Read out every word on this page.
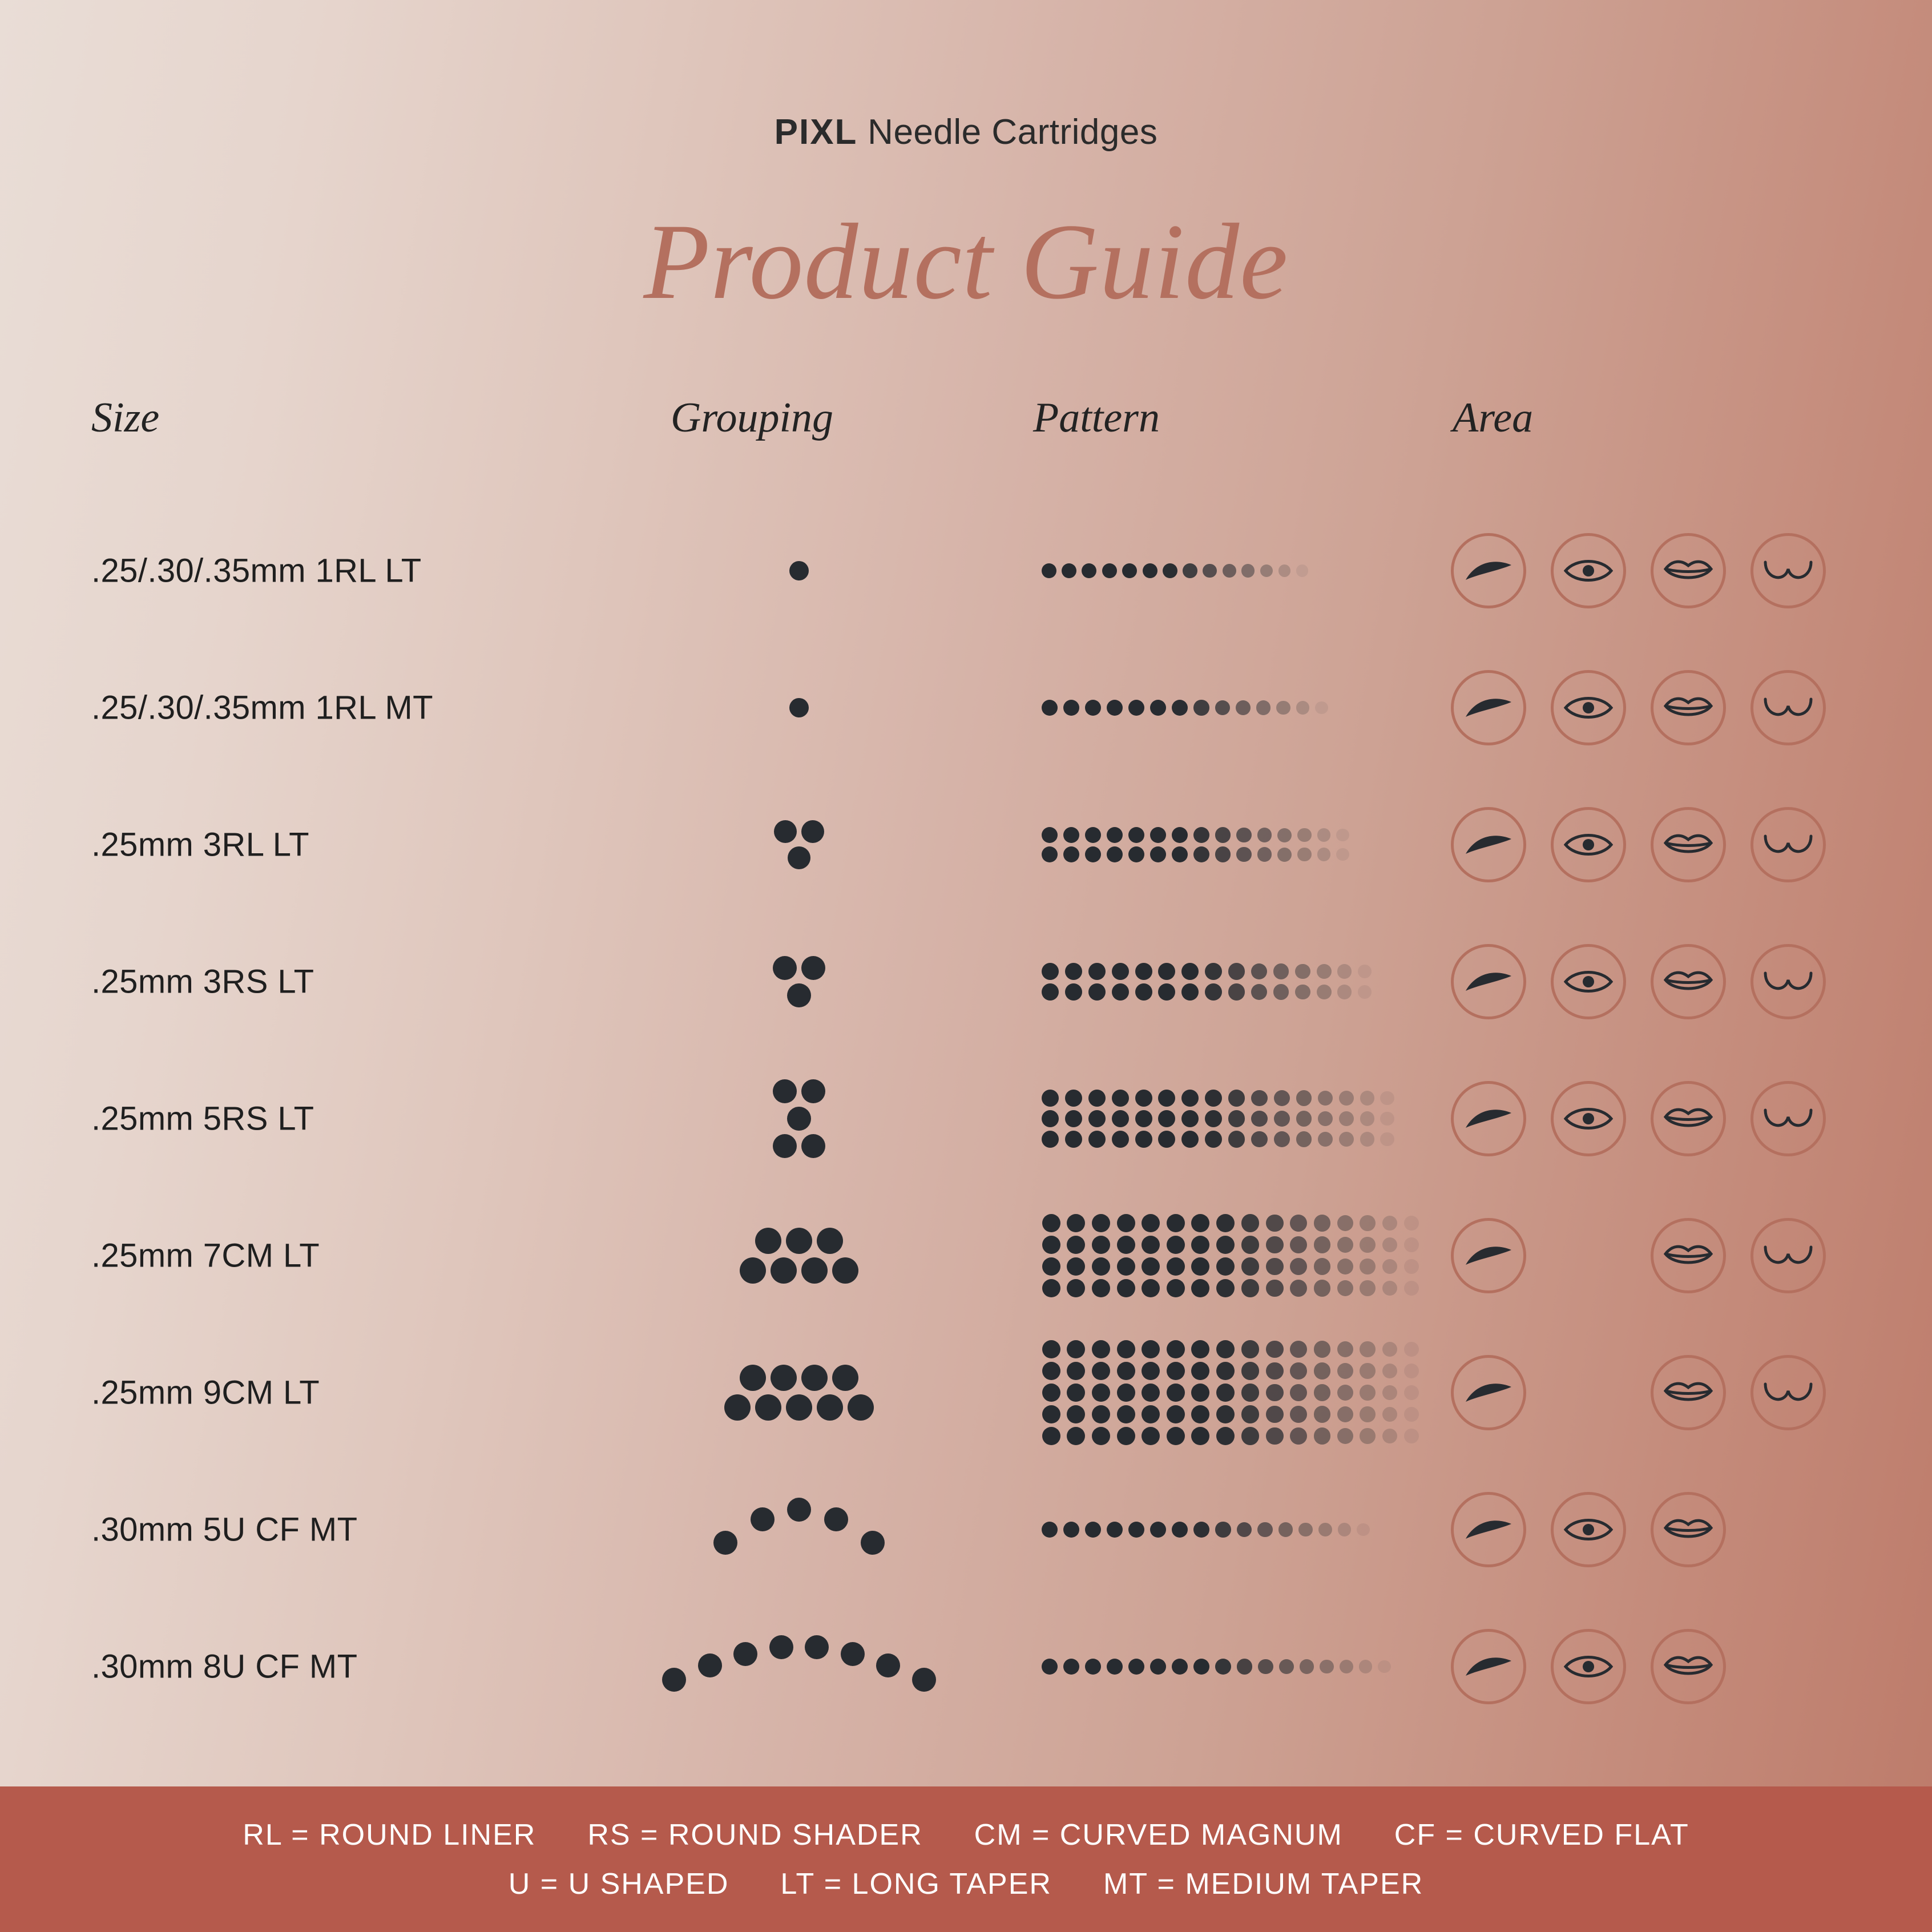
PIXL Needle Cartridges
Product Guide
Size	Grouping	Pattern	Area
.25/.30/.35mm 1RL LT
.25/.30/.35mm 1RL MT
.25mm 3RL LT
.25mm 3RS LT
.25mm 5RS LT
.25mm 7CM LT
.25mm 9CM LT
.30mm 5U CF MT
.30mm 8U CF MT
RL = ROUND LINER RS = ROUND SHADER CM = CURVED MAGNUM CF = CURVED FLAT
U = U SHAPED LT = LONG TAPER MT = MEDIUM TAPER
